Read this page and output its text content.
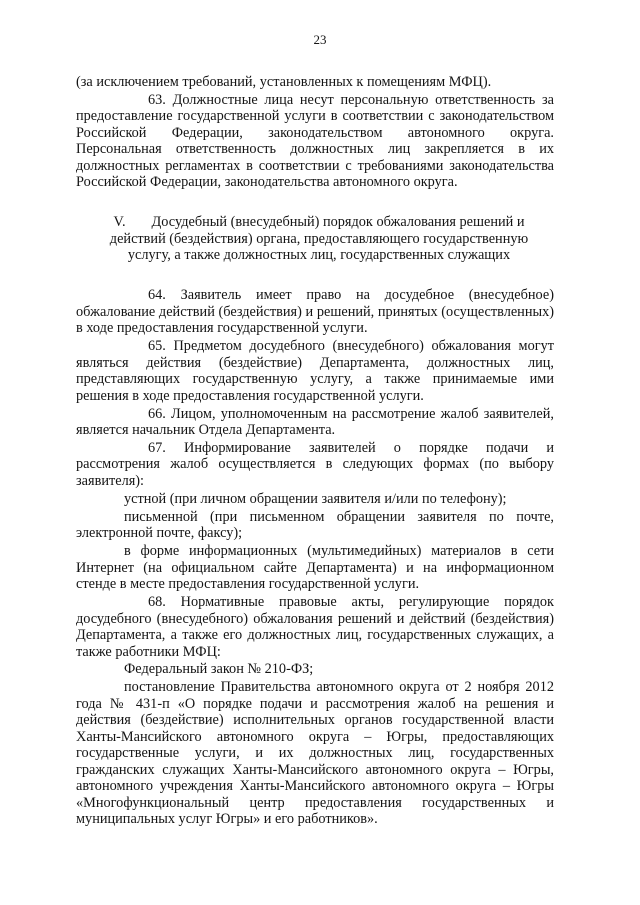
23

(за исключением требований, установленных к помещениям МФЦ).

63. Должностные лица несут персональную ответственность за предоставление государственной услуги в соответствии с законодательством Российской Федерации, законодательством автономного округа. Персональная ответственность должностных лиц закрепляется в их должностных регламентах в соответствии с требованиями законодательства Российской Федерации, законодательства автономного округа.

V. Досудебный (внесудебный) порядок обжалования решений и действий (бездействия) органа, предоставляющего государственную услугу, а также должностных лиц, государственных служащих

64. Заявитель имеет право на досудебное (внесудебное) обжалование действий (бездействия) и решений, принятых (осуществленных) в ходе предоставления государственной услуги.

65. Предметом досудебного (внесудебного) обжалования могут являться действия (бездействие) Департамента, должностных лиц, представляющих государственную услугу, а также принимаемые ими решения в ходе предоставления государственной услуги.

66. Лицом, уполномоченным на рассмотрение жалоб заявителей, является начальник Отдела Департамента.

67. Информирование заявителей о порядке подачи и рассмотрения жалоб осуществляется в следующих формах (по выбору заявителя):

устной (при личном обращении заявителя и/или по телефону);

письменной (при письменном обращении заявителя по почте, электронной почте, факсу);

в форме информационных (мультимедийных) материалов в сети Интернет (на официальном сайте Департамента) и на информационном стенде в месте предоставления государственной услуги.

68. Нормативные правовые акты, регулирующие порядок досудебного (внесудебного) обжалования решений и действий (бездействия) Департамента, а также его должностных лиц, государственных служащих, а также работники МФЦ:

Федеральный закон № 210-ФЗ;

постановление Правительства автономного округа от 2 ноября 2012 года № 431-п «О порядке подачи и рассмотрения жалоб на решения и действия (бездействие) исполнительных органов государственной власти Ханты-Мансийского автономного округа – Югры, предоставляющих государственные услуги, и их должностных лиц, государственных гражданских служащих Ханты-Мансийского автономного округа – Югры, автономного учреждения Ханты-Мансийского автономного округа – Югры «Многофункциональный центр предоставления государственных и муниципальных услуг Югры» и его работников».
